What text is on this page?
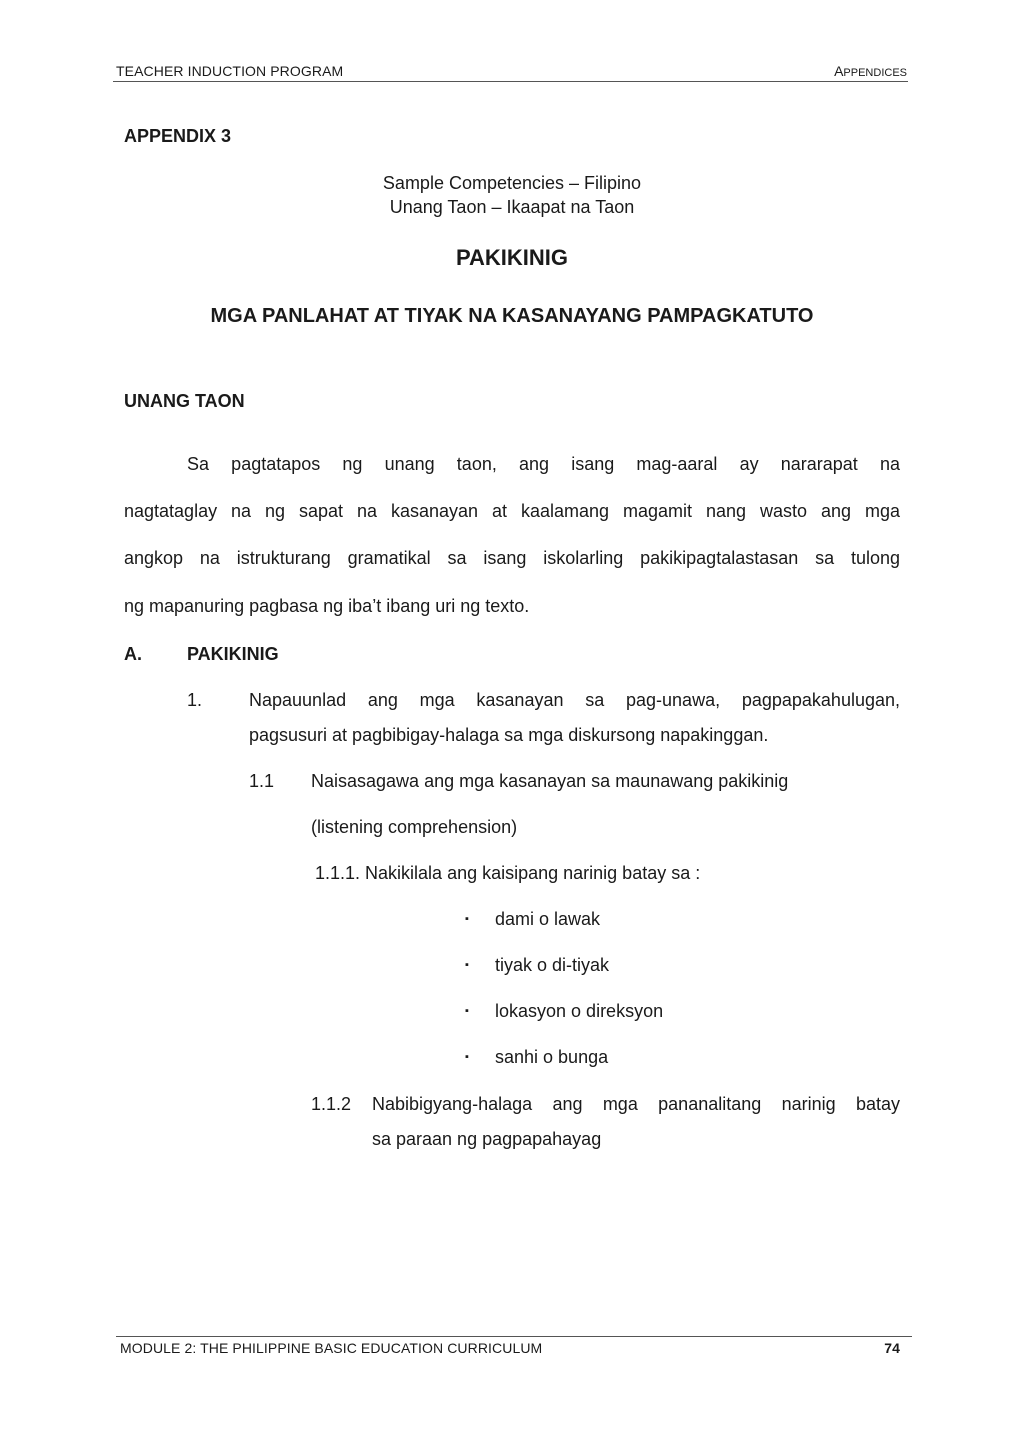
TEACHER INDUCTION PROGRAM	APPENDICES
APPENDIX 3
Sample Competencies – Filipino
Unang Taon – Ikaapat na Taon
PAKIKINIG
MGA PANLAHAT AT TIYAK NA KASANAYANG PAMPAGKATUTO
UNANG TAON
Sa pagtatapos ng unang taon, ang isang mag-aaral ay nararapat na
nagtataglay na ng sapat na kasanayan at kaalamang magamit nang wasto ang mga
angkop na istrukturang gramatikal sa isang iskolarling pakikipagtalastasan sa tulong
ng mapanuring pagbasa ng iba’t ibang uri ng texto.
A.	PAKIKINIG
1.	Napauunlad ang mga kasanayan sa pag-unawa, pagpapakahulugan,
pagsusuri at pagbibigay-halaga sa mga diskursong napakinggan.
1.1 Naisasagawa ang mga kasanayan sa maunawang pakikinig
(listening comprehension)
1.1.1. Nakikilala ang kaisipang narinig batay sa :
▪ dami o lawak
▪ tiyak o di-tiyak
▪ lokasyon o direksyon
▪ sanhi o bunga
1.1.2 Nabibigyang-halaga ang mga pananalitang narinig batay
sa paraan ng pagpapahayag
MODULE 2: THE PHILIPPINE BASIC EDUCATION CURRICULUM	74
